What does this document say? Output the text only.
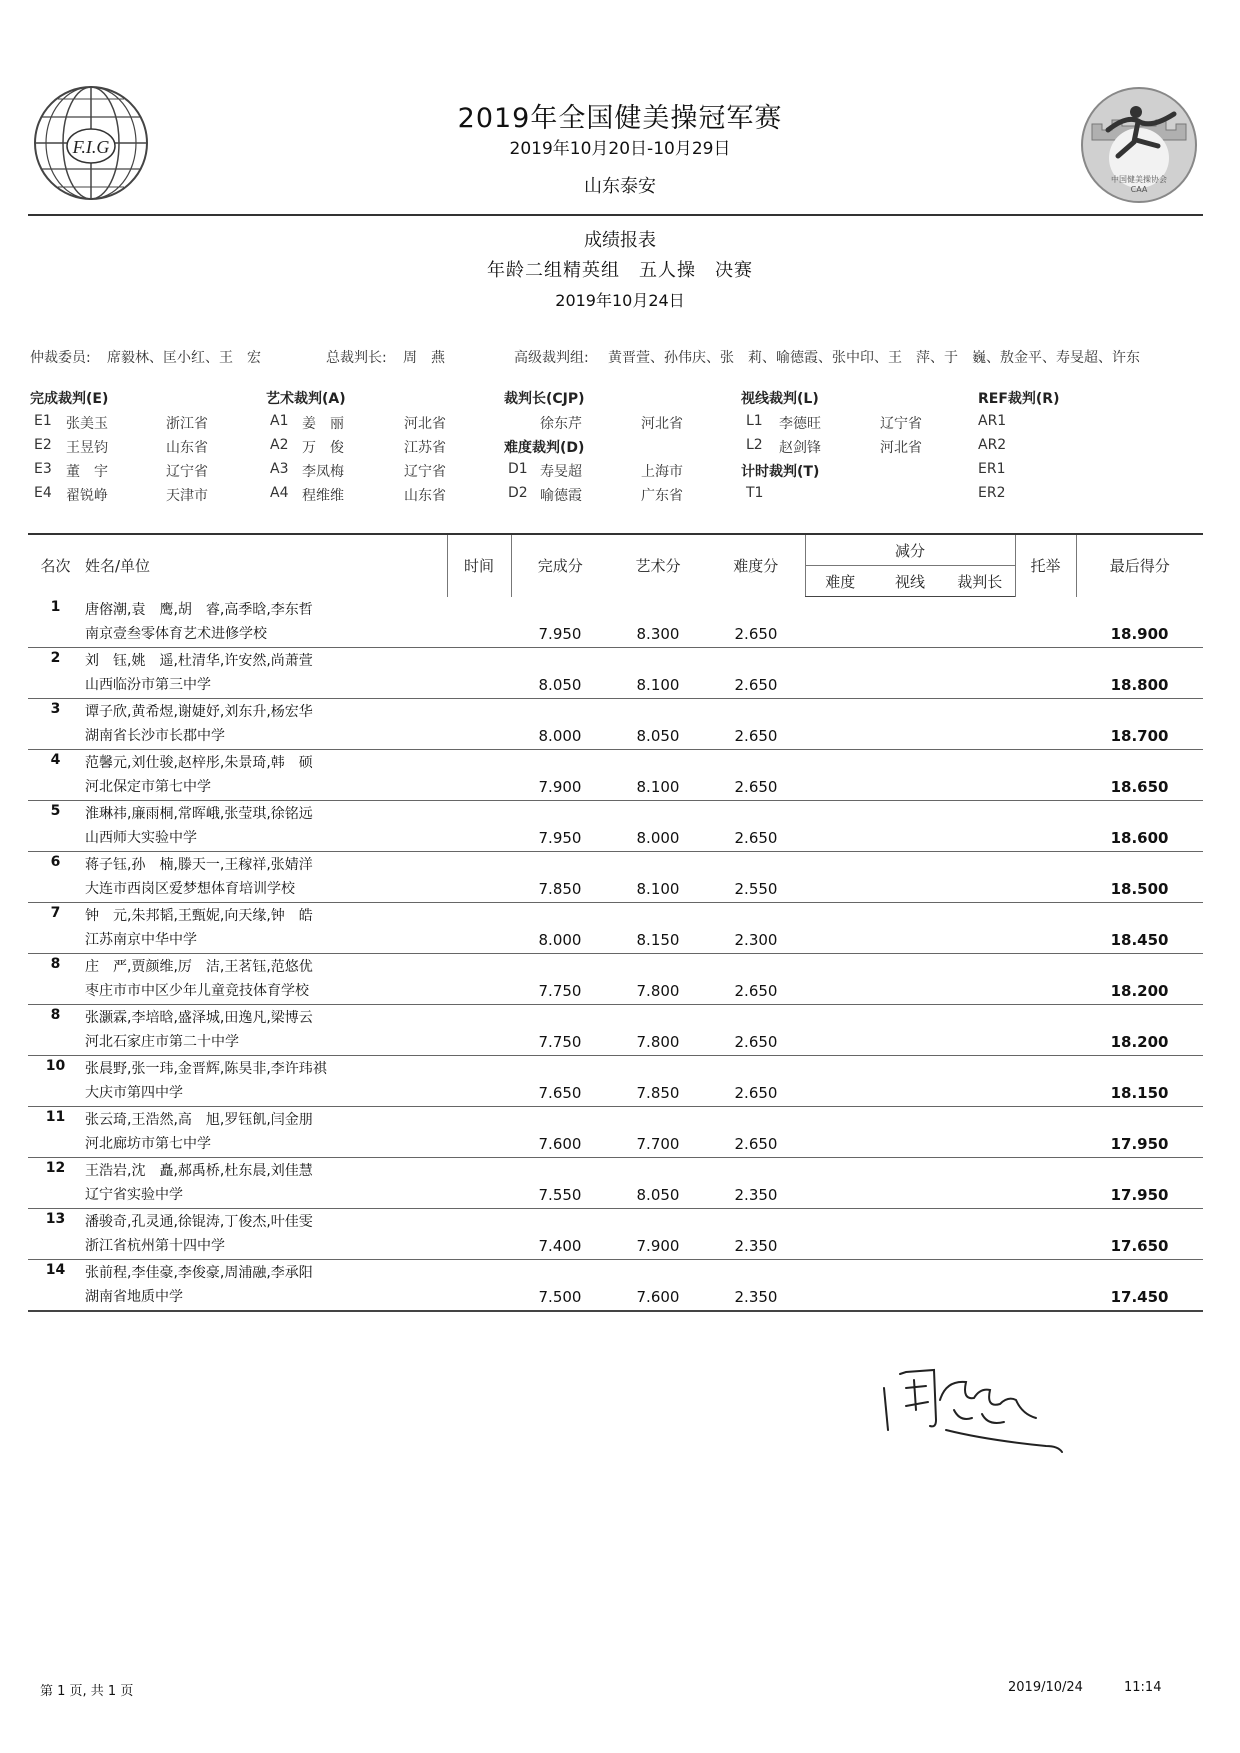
F.I.G
中国健美操协会
CAA
2019年全国健美操冠军赛
2019年10月20日-10月29日
山东泰安
成绩报表
年龄二组精英组　五人操　决赛
2019年10月24日
仲裁委员: 席毅林、匡小红、王　宏	总裁判长: 周　燕	高级裁判组: 黄晋萱、孙伟庆、张　莉、喻德霞、张中印、王　萍、于　巍、敖金平、寿旻超、许东
完成裁判(E)
E1 张美玉	浙江省
E2 王昱钧	山东省
E3 董　宇	辽宁省
E4 翟锐峥	天津市
艺术裁判(A)
A1 姜　丽	河北省
A2 万　俊	江苏省
A3 李凤梅	辽宁省
A4 程维维	山东省
裁判长(CJP)
徐东芹	河北省
难度裁判(D)
D1 寿旻超	上海市
D2 喻德霞	广东省
视线裁判(L)
L1 李德旺	辽宁省
L2 赵剑锋	河北省
计时裁判(T)
T1
REF裁判(R)
AR1
AR2
ER1
ER2
名次	姓名/单位	时间	完成分	艺术分	难度分	减分			托举	最后得分
						难度	视线	裁判长		
1	唐傛潮,袁　鹰,胡　睿,高季晗,李东哲
南京壹叁零体育艺术进修学校		7.950	8.300	2.650					18.900
2	刘　钰,姚　遥,杜清华,许安然,尚萧萱
山西临汾市第三中学		8.050	8.100	2.650					18.800
3	谭子欣,黄希煜,谢婕妤,刘东升,杨宏华
湖南省长沙市长郡中学		8.000	8.050	2.650					18.700
4	范馨元,刘仕骏,赵梓彤,朱景琦,韩　硕
河北保定市第七中学		7.900	8.100	2.650					18.650
5	淮琳祎,廉雨桐,常晖峨,张莹琪,徐铭远
山西师大实验中学		7.950	8.000	2.650					18.600
6	蒋子钰,孙　楠,滕天一,王稼祥,张婧洋
大连市西岗区爱梦想体育培训学校		7.850	8.100	2.550					18.500
7	钟　元,朱邦韬,王甄妮,向天缘,钟　皓
江苏南京中华中学		8.000	8.150	2.300					18.450
8	庄　严,贾颜维,厉　洁,王茗钰,范悠优
枣庄市市中区少年儿童竞技体育学校		7.750	7.800	2.650					18.200
8	张灏霖,李培晗,盛泽城,田逸凡,梁博云
河北石家庄市第二十中学		7.750	7.800	2.650					18.200
10	张晨野,张一玮,金晋辉,陈昊非,李许玮祺
大庆市第四中学		7.650	7.850	2.650					18.150
11	张云琦,王浩然,高　旭,罗钰飢,闫金朋
河北廊坊市第七中学		7.600	7.700	2.650					17.950
12	王浩岩,沈　矗,郝禹桥,杜东晨,刘佳慧
辽宁省实验中学		7.550	8.050	2.350					17.950
13	潘骏奇,孔灵通,徐锟涛,丁俊杰,叶佳雯
浙江省杭州第十四中学		7.400	7.900	2.350					17.650
14	张前程,李佳豪,李俊豪,周浦融,李承阳
湖南省地质中学		7.500	7.600	2.350					17.450
第 1 页, 共 1 页	2019/10/24	11:14
